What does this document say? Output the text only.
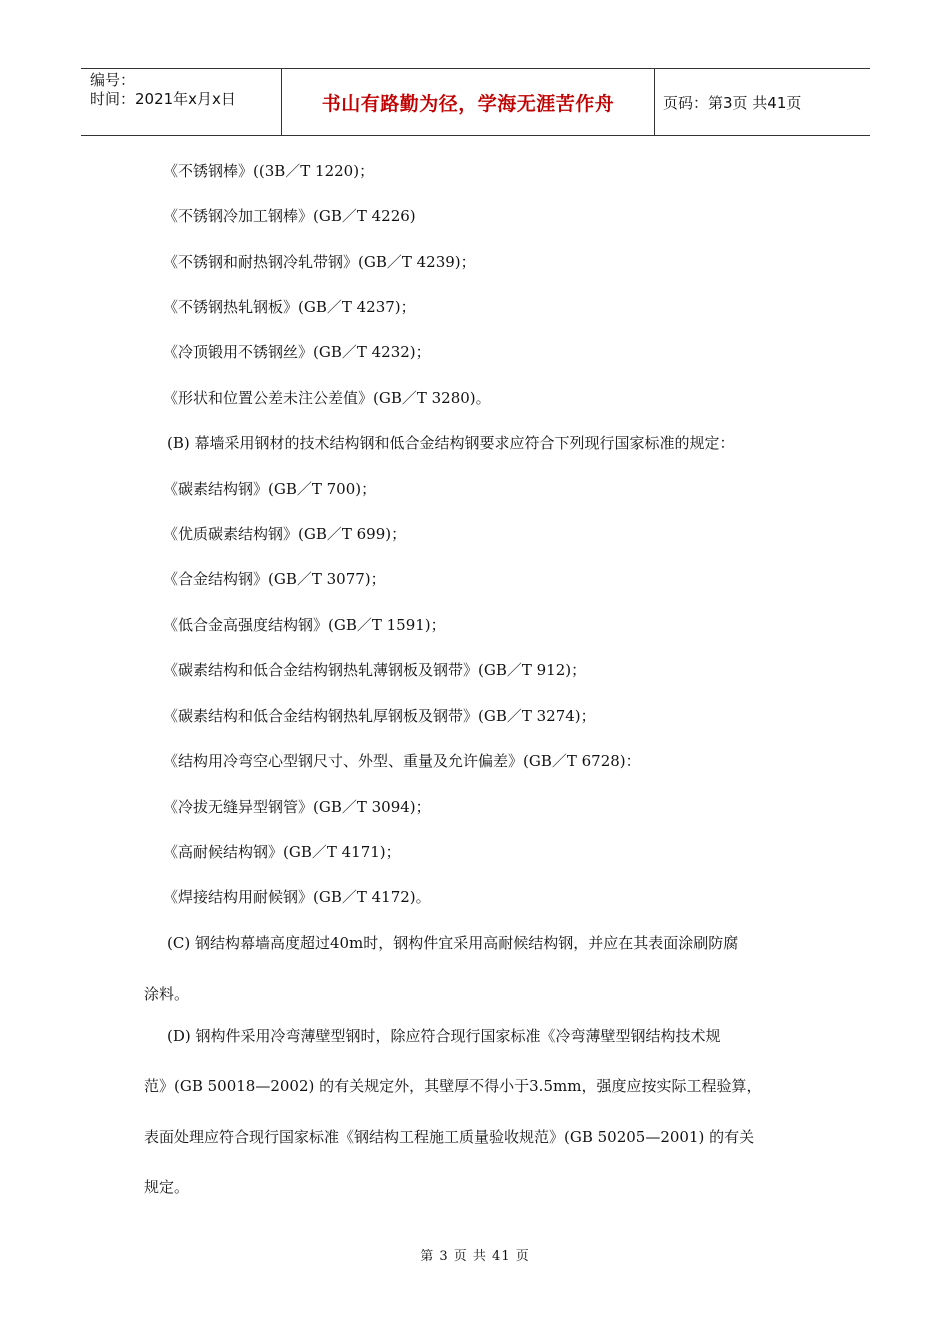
编号：
时间：2021年x月x日	书山有路勤为径，学海无涯苦作舟	页码：第3页 共41页
《不锈钢棒》((3B／T 1220)；
《不锈钢冷加工钢棒》(GB／T 4226)
《不锈钢和耐热钢冷轧带钢》(GB／T 4239)；
《不锈钢热轧钢板》(GB／T 4237)；
《冷顶锻用不锈钢丝》(GB／T 4232)；
《形状和位置公差未注公差值》(GB／T 3280)。
(B) 幕墙采用钢材的技术结构钢和低合金结构钢要求应符合下列现行国家标准的规定：
《碳素结构钢》(GB／T 700)；
《优质碳素结构钢》(GB／T 699)；
《合金结构钢》(GB／T 3077)；
《低合金高强度结构钢》(GB／T 1591)；
《碳素结构和低合金结构钢热轧薄钢板及钢带》(GB／T 912)；
《碳素结构和低合金结构钢热轧厚钢板及钢带》(GB／T 3274)；
《结构用冷弯空心型钢尺寸、外型、重量及允许偏差》(GB／T 6728)：
《冷拔无缝异型钢管》(GB／T 3094)；
《高耐候结构钢》(GB／T 4171)；
《焊接结构用耐候钢》(GB／T 4172)。
(C) 钢结构幕墙高度超过40m时，钢构件宜采用高耐候结构钢，并应在其表面涂刷防腐
涂料。
(D) 钢构件采用冷弯薄壁型钢时，除应符合现行国家标准《冷弯薄壁型钢结构技术规
范》(GB 50018—2002) 的有关规定外，其壁厚不得小于3.5mm，强度应按实际工程验算，
表面处理应符合现行国家标准《钢结构工程施工质量验收规范》(GB 50205—2001) 的有关
规定。
第 3 页 共 41 页
